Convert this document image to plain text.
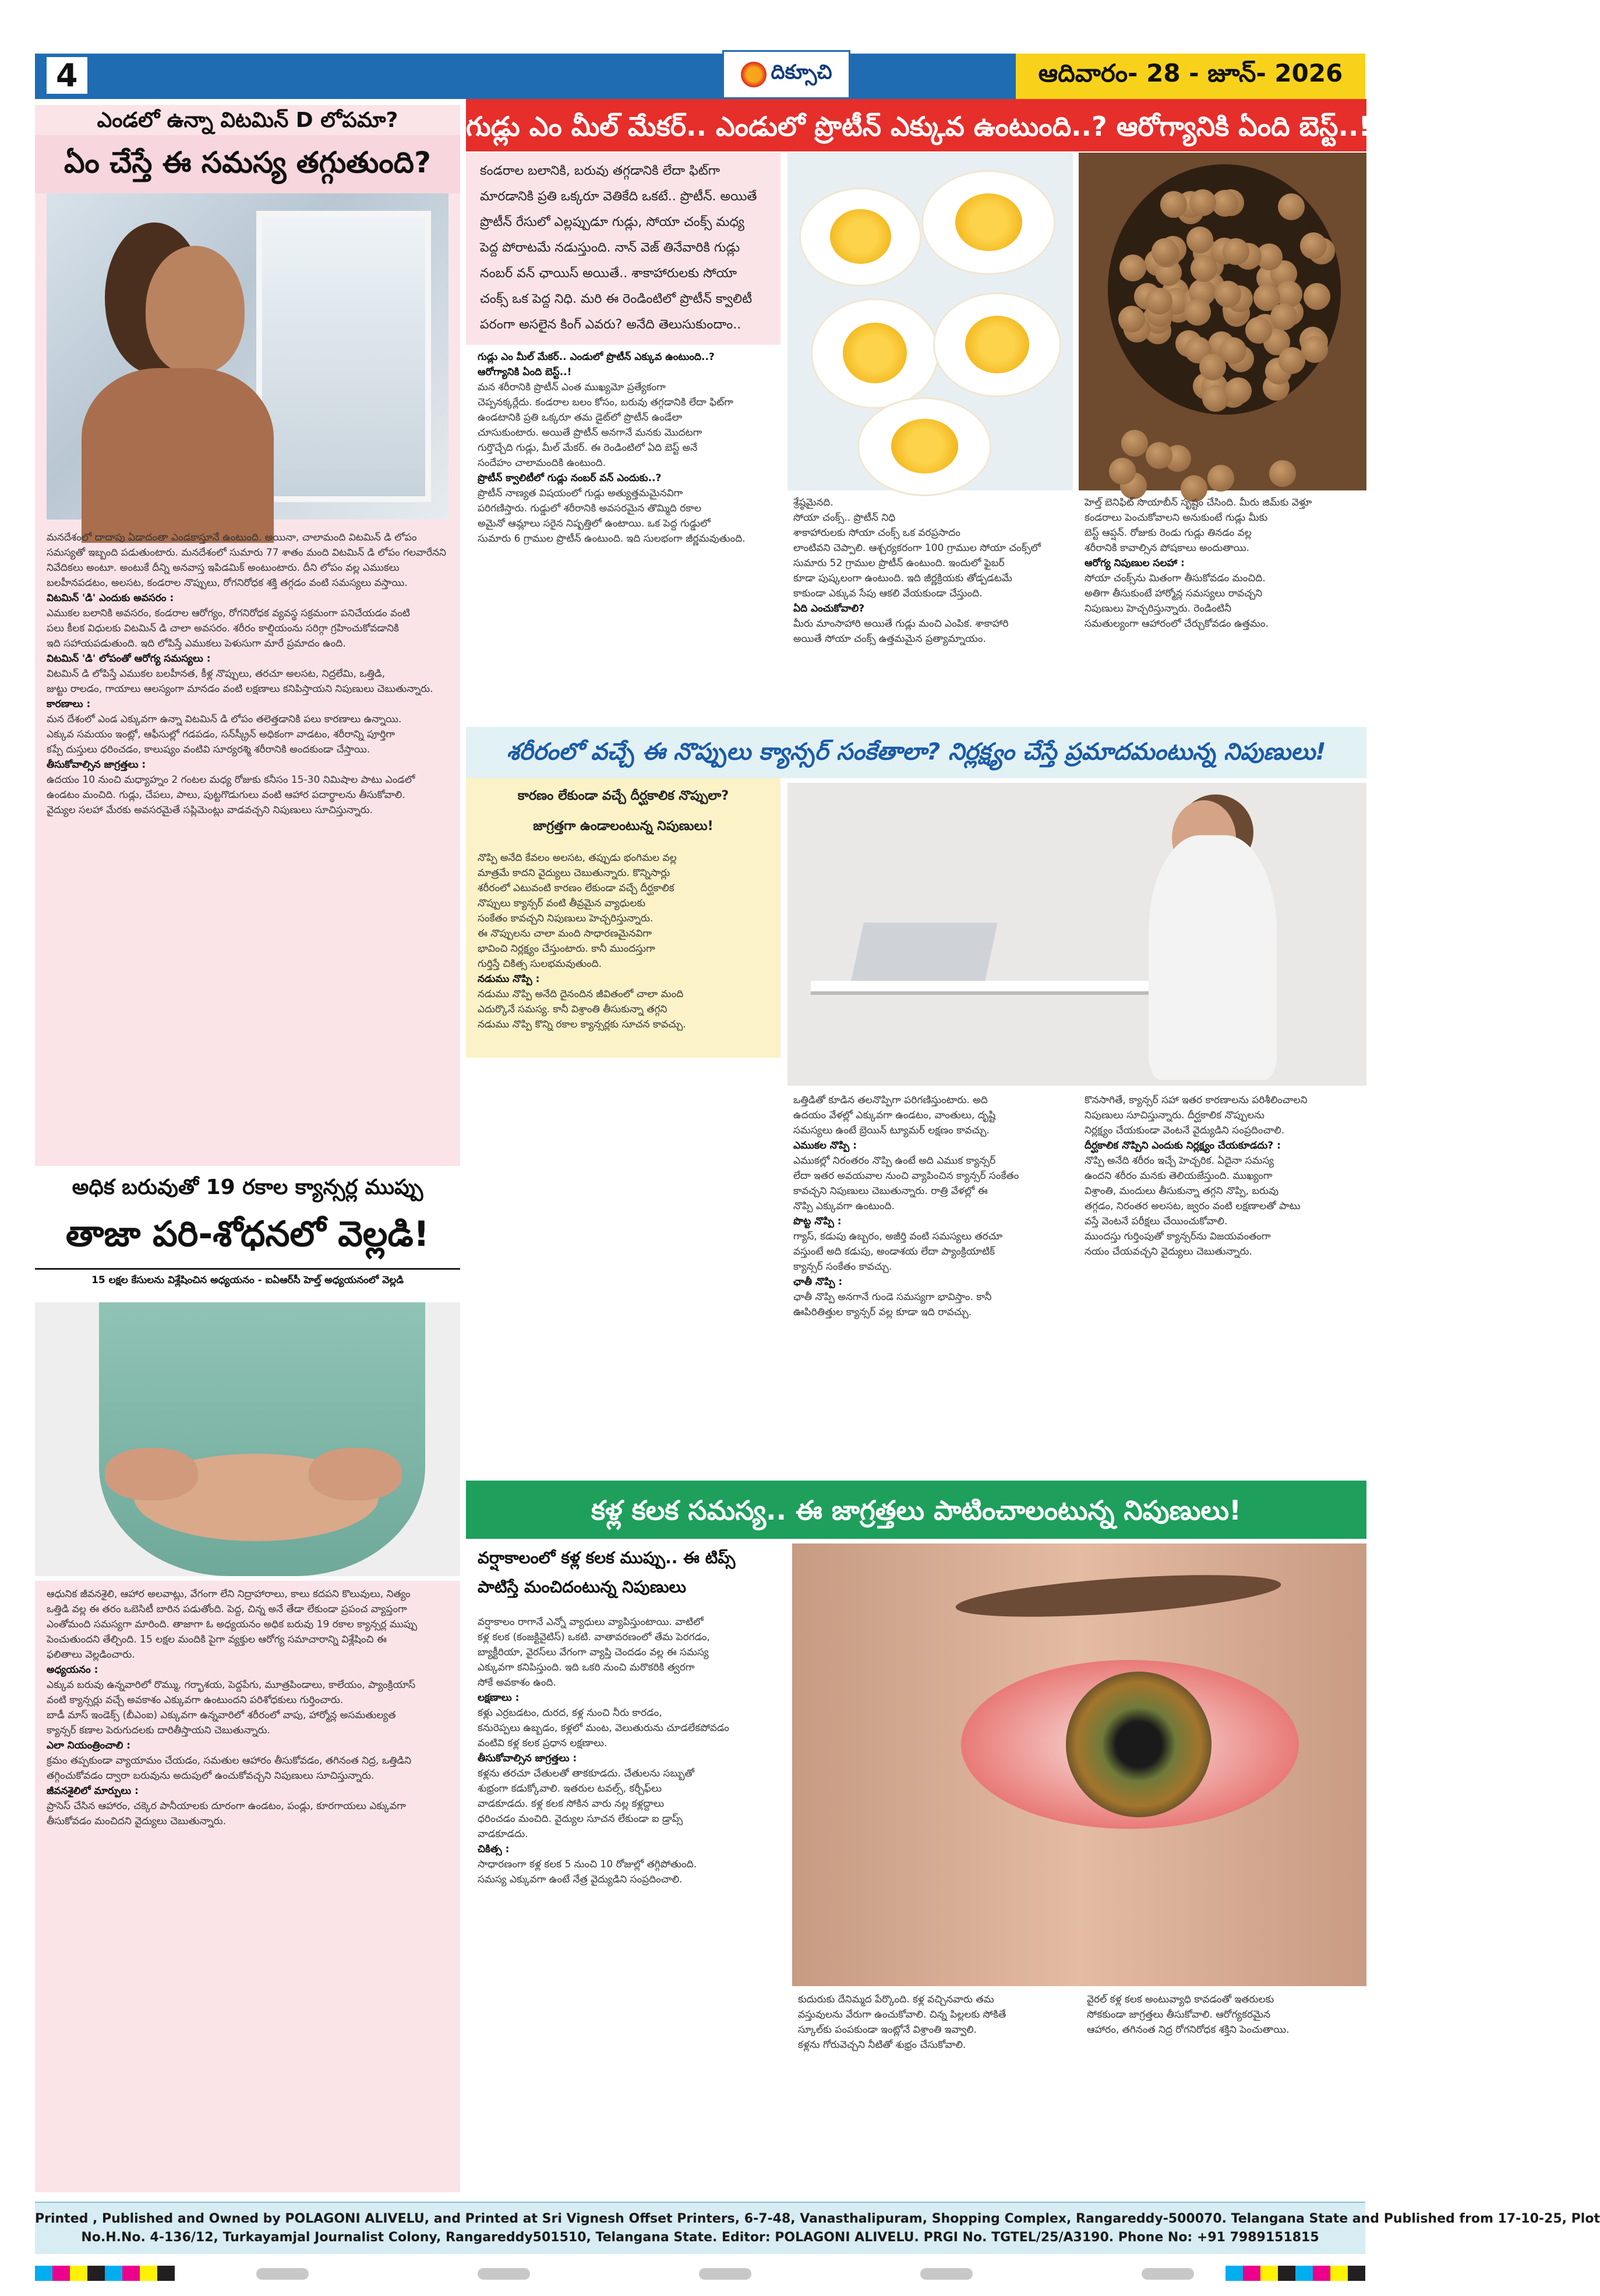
4	దిక్సూచి	ఆదివారం- 28 - జూన్- 2026
ఎండలో ఉన్నా విటమిన్ D లోపమా?
ఏం చేస్తే ఈ సమస్య తగ్గుతుంది?
మనదేశంలో దాదాపు ఏడాదంతా ఎండకాస్తూనే ఉంటుంది. అయినా, చాలామంది విటమిన్ డి లోపం
సమస్యతో ఇబ్బంది పడుతుంటారు. మనదేశంలో సుమారు 77 శాతం మంది విటమిన్ డి లోపం గలవారేనని
నివేదికలు అంటూ. అంటుకే దీన్ని అనవాస్త ఇపిడమిక్ అంటుంటారు. దీని లోపం వల్ల ఎముకలు
బలహీనపడటం, అలసట, కండరాల నొప్పులు, రోగనిరోధక శక్తి తగ్గడం వంటి సమస్యలు వస్తాయి.
విటమిన్ 'డి' ఎందుకు అవసరం :
ఎముకల బలానికి అవసరం, కండరాల ఆరోగ్యం, రోగనిరోధక వ్యవస్థ సక్రమంగా పనిచేయడం వంటి
పలు కీలక విధులకు విటమిన్ డి చాలా అవసరం. శరీరం కాల్షియంను సరిగ్గా గ్రహించుకోవడానికి
ఇది సహాయపడుతుంది. ఇది లోపిస్తే ఎముకలు పెళుసుగా మారే ప్రమాదం ఉంది.
విటమిన్ 'డి' లోపంతో ఆరోగ్య సమస్యలు :
విటమిన్ డి లోపిస్తే ఎముకల బలహీనత, కీళ్ల నొప్పులు, తరచూ అలసట, నిద్రలేమి, ఒత్తిడి,
జుట్టు రాలడం, గాయాలు ఆలస్యంగా మానడం వంటి లక్షణాలు కనిపిస్తాయని నిపుణులు చెబుతున్నారు.
కారణాలు :
మన దేశంలో ఎండ ఎక్కువగా ఉన్నా విటమిన్ డి లోపం తలెత్తడానికి పలు కారణాలు ఉన్నాయి.
ఎక్కువ సమయం ఇంట్లో, ఆఫీసుల్లో గడపడం, సన్‌స్క్రీన్ అధికంగా వాడటం, శరీరాన్ని పూర్తిగా
కప్పే దుస్తులు ధరించడం, కాలుష్యం వంటివి సూర్యరశ్మి శరీరానికి అందకుండా చేస్తాయి.
తీసుకోవాల్సిన జాగ్రత్తలు :
ఉదయం 10 నుంచి మధ్యాహ్నం 2 గంటల మధ్య రోజుకు కనీసం 15-30 నిమిషాల పాటు ఎండలో
ఉండటం మంచిది. గుడ్లు, చేపలు, పాలు, పుట్టగొడుగులు వంటి ఆహార పదార్థాలను తీసుకోవాలి.
వైద్యుల సలహా మేరకు అవసరమైతే సప్లిమెంట్లు వాడవచ్చని నిపుణులు సూచిస్తున్నారు.
అధిక బరువుతో 19 రకాల క్యాన్సర్ల ముప్పు
తాజా పరి-శోధనలో వెల్లడి!
15 లక్షల కేసులను విశ్లేషించిన అధ్యయనం - ఐఏఆర్‌సీ హెల్త్ అధ్యయనంలో వెల్లడి
ఆధునిక జీవనశైలి, ఆహార అలవాట్లు, వేగంగా లేని నిద్రాహారాలు, కాలు కదపని కొలువులు, నిత్యం
ఒత్తిడి వల్ల ఈ తరం ఒబెసిటీ బారిన పడుతోంది. పెద్ద, చిన్న అనే తేడా లేకుండా ప్రపంచ వ్యాప్తంగా
ఎంతోమంది సమస్యగా మారింది. తాజాగా ఓ అధ్యయనం అధిక బరువు 19 రకాల క్యాన్సర్ల ముప్పు
పెంచుతుందని తేల్చింది. 15 లక్షల మందికి పైగా వ్యక్తుల ఆరోగ్య సమాచారాన్ని విశ్లేషించి ఈ
ఫలితాలు వెల్లడించారు.
అధ్యయనం :
ఎక్కువ బరువు ఉన్నవారిలో రొమ్ము, గర్భాశయ, పెద్దపేగు, మూత్రపిండాలు, కాలేయం, ప్యాంక్రియాస్
వంటి క్యాన్సర్లు వచ్చే అవకాశం ఎక్కువగా ఉంటుందని పరిశోధకులు గుర్తించారు.
బాడీ మాస్ ఇండెక్స్ (బీఎంఐ) ఎక్కువగా ఉన్నవారిలో శరీరంలో వాపు, హార్మోన్ల అసమతుల్యత
క్యాన్సర్ కణాల పెరుగుదలకు దారితీస్తాయని చెబుతున్నారు.
ఎలా నియంత్రించాలి :
క్రమం తప్పకుండా వ్యాయామం చేయడం, సమతుల ఆహారం తీసుకోవడం, తగినంత నిద్ర, ఒత్తిడిని
తగ్గించుకోవడం ద్వారా బరువును అదుపులో ఉంచుకోవచ్చని నిపుణులు సూచిస్తున్నారు.
జీవనశైలిలో మార్పులు :
ప్రాసెస్ చేసిన ఆహారం, చక్కెర పానీయాలకు దూరంగా ఉండటం, పండ్లు, కూరగాయలు ఎక్కువగా
తీసుకోవడం మంచిదని వైద్యులు చెబుతున్నారు.
గుడ్లు ఎం మీల్ మేకర్.. ఎండులో ప్రొటీన్ ఎక్కువ ఉంటుంది..? ఆరోగ్యానికి ఏంది బెస్ట్..!
కండరాల బలానికి, బరువు తగ్గడానికి లేదా ఫిట్‌గా మారడానికి ప్రతి ఒక్కరూ వెతికేది ఒకటే.. ప్రొటీన్. అయితే ప్రొటీన్ రేసులో ఎల్లప్పుడూ గుడ్లు, సోయా చంక్స్ మధ్య పెద్ద పోరాటమే నడుస్తుంది. నాన్ వెజ్ తినేవారికి గుడ్లు నంబర్ వన్ ఛాయిస్ అయితే.. శాకాహారులకు సోయా చంక్స్ ఒక పెద్ద నిధి. మరి ఈ రెండింటిలో ప్రొటీన్ క్వాలిటీ పరంగా అసలైన కింగ్ ఎవరు? అనేది తెలుసుకుందాం..
గుడ్లు ఎం మీల్ మేకర్.. ఎండులో ప్రొటీన్ ఎక్కువ ఉంటుంది..?
ఆరోగ్యానికి ఏంది బెస్ట్..!
మన శరీరానికి ప్రొటీన్ ఎంత ముఖ్యమో ప్రత్యేకంగా
చెప్పనక్కర్లేదు. కండరాల బలం కోసం, బరువు తగ్గడానికి లేదా ఫిట్‌గా
ఉండటానికి ప్రతి ఒక్కరూ తమ డైట్‌లో ప్రొటీన్ ఉండేలా
చూసుకుంటారు. అయితే ప్రొటీన్ అనగానే మనకు మొదటగా
గుర్తొచ్చేది గుడ్లు, మీల్ మేకర్. ఈ రెండింటిలో ఏది బెస్ట్ అనే
సందేహం చాలామందికి ఉంటుంది.
ప్రొటీన్ క్వాలిటీలో గుడ్లు నంబర్ వన్ ఎందుకు..?
ప్రొటీన్ నాణ్యత విషయంలో గుడ్లు అత్యుత్తమమైనవిగా
పరిగణిస్తారు. గుడ్డులో శరీరానికి అవసరమైన తొమ్మిది రకాల
అమైనో ఆమ్లాలు సరైన నిష్పత్తిలో ఉంటాయి. ఒక పెద్ద గుడ్డులో
సుమారు 6 గ్రాముల ప్రొటీన్ ఉంటుంది. ఇది సులభంగా జీర్ణమవుతుంది.
శ్రేష్ఠమైనది.
సోయా చంక్స్.. ప్రొటీన్ నిధి
శాకాహారులకు సోయా చంక్స్ ఒక వరప్రసాదం
లాంటివని చెప్పాలి. ఆశ్చర్యకరంగా 100 గ్రాముల సోయా చంక్స్‌లో
సుమారు 52 గ్రాముల ప్రొటీన్ ఉంటుంది. ఇందులో ఫైబర్
కూడా పుష్కలంగా ఉంటుంది. ఇది జీర్ణక్రియకు తోడ్పడటమే
కాకుండా ఎక్కువ సేపు ఆకలి వేయకుండా చేస్తుంది.
ఏది ఎంచుకోవాలి?
మీరు మాంసాహారి అయితే గుడ్లు మంచి ఎంపిక. శాకాహారి
అయితే సోయా చంక్స్ ఉత్తమమైన ప్రత్యామ్నాయం.
హెల్త్ బెనిఫిట్ సొయాబీన్ సృష్టం చేసింది. మీరు జిమ్‌కు వెళ్తూ
కండరాలు పెంచుకోవాలని అనుకుంటే గుడ్లు మీకు
బెస్ట్ ఆప్షన్. రోజుకు రెండు గుడ్లు తినడం వల్ల
శరీరానికి కావాల్సిన పోషకాలు అందుతాయి.
ఆరోగ్య నిపుణుల సలహా :
సోయా చంక్స్‌ను మితంగా తీసుకోవడం మంచిది.
అతిగా తీసుకుంటే హార్మోన్ల సమస్యలు రావచ్చని
నిపుణులు హెచ్చరిస్తున్నారు. రెండింటినీ
సమతుల్యంగా ఆహారంలో చేర్చుకోవడం ఉత్తమం.
శరీరంలో వచ్చే ఈ నొప్పులు క్యాన్సర్ సంకేతాలా? నిర్లక్ష్యం చేస్తే ప్రమాదమంటున్న నిపుణులు!
కారణం లేకుండా వచ్చే దీర్ఘకాలిక నొప్పులా?
జాగ్రత్తగా ఉండాలంటున్న నిపుణులు!
నొప్పి అనేది కేవలం అలసట, తప్పుడు భంగిమల వల్ల
మాత్రమే కాదని వైద్యులు చెబుతున్నారు. కొన్నిసార్లు
శరీరంలో ఎటువంటి కారణం లేకుండా వచ్చే దీర్ఘకాలిక
నొప్పులు క్యాన్సర్ వంటి తీవ్రమైన వ్యాధులకు
సంకేతం కావచ్చని నిపుణులు హెచ్చరిస్తున్నారు.
ఈ నొప్పులను చాలా మంది సాధారణమైనవిగా
భావించి నిర్లక్ష్యం చేస్తుంటారు. కానీ ముందస్తుగా
గుర్తిస్తే చికిత్స సులభమవుతుంది.
నడుము నొప్పి :
నడుము నొప్పి అనేది దైనందిన జీవితంలో చాలా మంది
ఎదుర్కొనే సమస్య. కానీ విశ్రాంతి తీసుకున్నా తగ్గని
నడుము నొప్పి కొన్ని రకాల క్యాన్సర్లకు సూచన కావచ్చు.
ఒత్తిడితో కూడిన తలనొప్పిగా పరిగణిస్తుంటారు. అది
ఉదయం వేళల్లో ఎక్కువగా ఉండటం, వాంతులు, దృష్టి
సమస్యలు ఉంటే బ్రెయిన్ ట్యూమర్ లక్షణం కావచ్చు.
ఎముకల నొప్పి :
ఎముకల్లో నిరంతరం నొప్పి ఉంటే అది ఎముక క్యాన్సర్
లేదా ఇతర అవయవాల నుంచి వ్యాపించిన క్యాన్సర్ సంకేతం
కావచ్చని నిపుణులు చెబుతున్నారు. రాత్రి వేళల్లో ఈ
నొప్పి ఎక్కువగా ఉంటుంది.
పొట్ట నొప్పి :
గ్యాస్, కడుపు ఉబ్బరం, అజీర్తి వంటి సమస్యలు తరచూ
వస్తుంటే అది కడుపు, అండాశయ లేదా ప్యాంక్రియాటిక్
క్యాన్సర్ సంకేతం కావచ్చు.
ఛాతీ నొప్పి :
ఛాతీ నొప్పి అనగానే గుండె సమస్యగా భావిస్తాం. కానీ
ఊపిరితిత్తుల క్యాన్సర్ వల్ల కూడా ఇది రావచ్చు.
కొనసాగితే, క్యాన్సర్ సహా ఇతర కారణాలను పరిశీలించాలని
నిపుణులు సూచిస్తున్నారు. దీర్ఘకాలిక నొప్పులను
నిర్లక్ష్యం చేయకుండా వెంటనే వైద్యుడిని సంప్రదించాలి.
దీర్ఘకాలిక నొప్పిని ఎందుకు నిర్లక్ష్యం చేయకూడదు? :
నొప్పి అనేది శరీరం ఇచ్చే హెచ్చరిక. ఏదైనా సమస్య
ఉందని శరీరం మనకు తెలియజేస్తుంది. ముఖ్యంగా
విశ్రాంతి, మందులు తీసుకున్నా తగ్గని నొప్పి, బరువు
తగ్గడం, నిరంతర అలసట, జ్వరం వంటి లక్షణాలతో పాటు
వస్తే వెంటనే పరీక్షలు చేయించుకోవాలి.
ముందస్తు గుర్తింపుతో క్యాన్సర్‌ను విజయవంతంగా
నయం చేయవచ్చని వైద్యులు చెబుతున్నారు.
కళ్ల కలక సమస్య.. ఈ జాగ్రత్తలు పాటించాలంటున్న నిపుణులు!
వర్షాకాలంలో కళ్ల కలక ముప్పు.. ఈ టిప్స్ పాటిస్తే మంచిదంటున్న నిపుణులు
వర్షాకాలం రాగానే ఎన్నో వ్యాధులు వ్యాపిస్తుంటాయి. వాటిలో
కళ్ల కలక (కంజక్టివైటిస్) ఒకటి. వాతావరణంలో తేమ పెరగడం,
బ్యాక్టీరియా, వైరస్‌లు వేగంగా వ్యాప్తి చెందడం వల్ల ఈ సమస్య
ఎక్కువగా కనిపిస్తుంది. ఇది ఒకరి నుంచి మరొకరికి త్వరగా
సోకే అవకాశం ఉంది.
లక్షణాలు :
కళ్లు ఎర్రబడటం, దురద, కళ్ల నుంచి నీరు కారడం,
కనురెప్పలు ఉబ్బడం, కళ్లలో మంట, వెలుతురును చూడలేకపోవడం
వంటివి కళ్ల కలక ప్రధాన లక్షణాలు.
తీసుకోవాల్సిన జాగ్రత్తలు :
కళ్లను తరచూ చేతులతో తాకకూడదు. చేతులను సబ్బుతో
శుభ్రంగా కడుక్కోవాలి. ఇతరుల టవల్స్, కర్చీఫ్‌లు
వాడకూడదు. కళ్ల కలక సోకిన వారు నల్ల కళ్లద్దాలు
ధరించడం మంచిది. వైద్యుల సూచన లేకుండా ఐ డ్రాప్స్
వాడకూడదు.
చికిత్స :
సాధారణంగా కళ్ల కలక 5 నుంచి 10 రోజుల్లో తగ్గిపోతుంది.
సమస్య ఎక్కువగా ఉంటే నేత్ర వైద్యుడిని సంప్రదించాలి.
కుదురుకు దేనిమ్మద పేర్కొంది. కళ్ల వచ్చినవారు తమ
వస్తువులను వేరుగా ఉంచుకోవాలి. చిన్న పిల్లలకు సోకితే
స్కూల్‌కు పంపకుండా ఇంట్లోనే విశ్రాంతి ఇవ్వాలి.
కళ్లను గోరువెచ్చని నీటితో శుభ్రం చేసుకోవాలి.
వైరల్ కళ్ల కలక అంటువ్యాధి కావడంతో ఇతరులకు
సోకకుండా జాగ్రత్తలు తీసుకోవాలి. ఆరోగ్యకరమైన
ఆహారం, తగినంత నిద్ర రోగనిరోధక శక్తిని పెంచుతాయి.
Printed , Published and Owned by POLAGONI ALIVELU, and Printed at Sri Vignesh Offset Printers, 6-7-48, Vanasthalipuram, Shopping Complex, Rangareddy-500070. Telangana State and Published from 17-10-25, Plot
No.H.No. 4-136/12, Turkayamjal Journalist Colony, Rangareddy501510, Telangana State. Editor: POLAGONI ALIVELU. PRGI No. TGTEL/25/A3190. Phone No: +91 7989151815
